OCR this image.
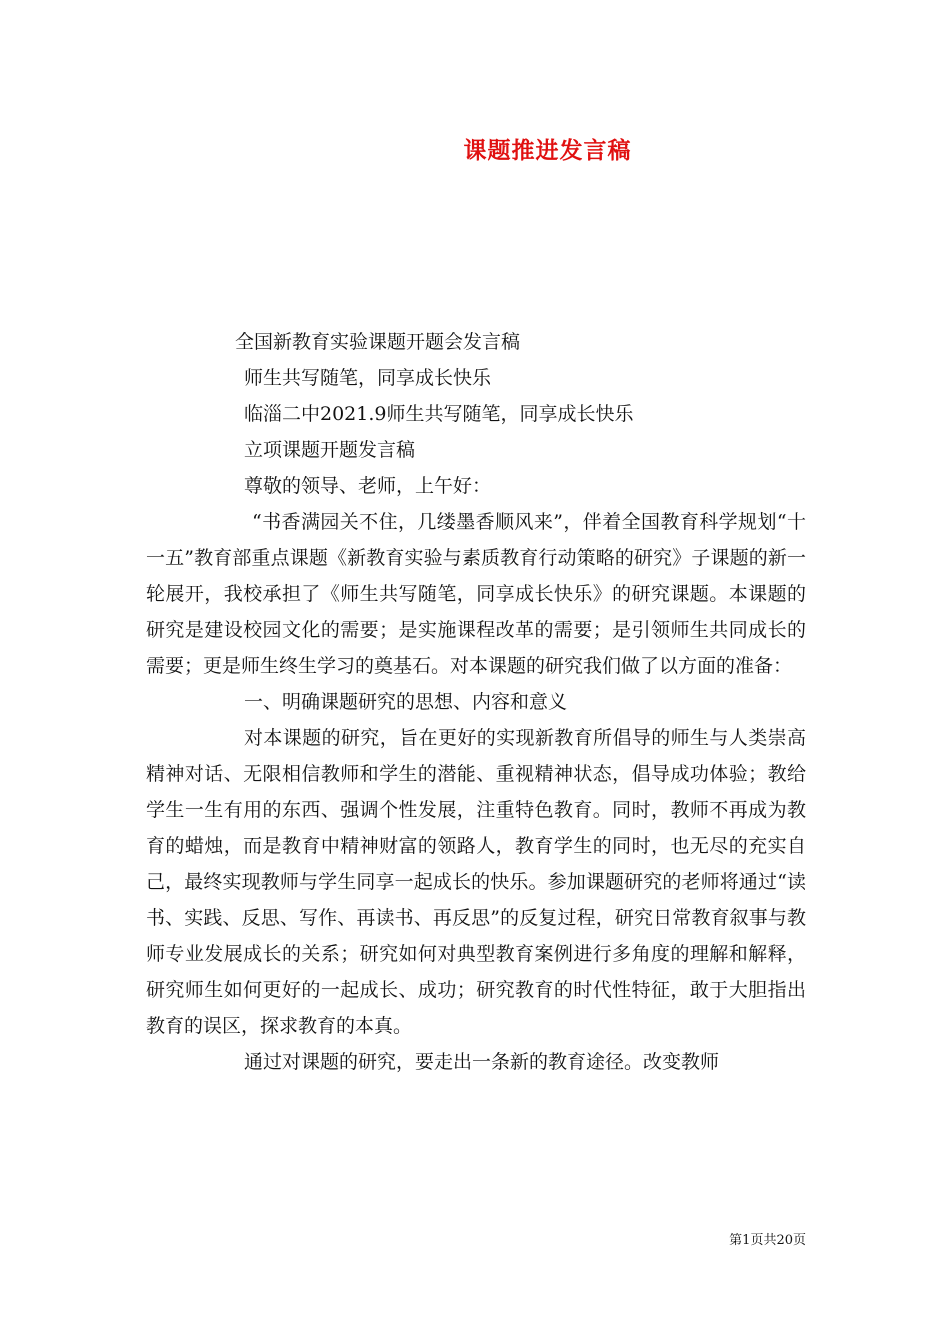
课题推进发言稿

全国新教育实验课题开题会发言稿

师生共写随笔，同享成长快乐

临淄二中2021.9师生共写随笔，同享成长快乐

立项课题开题发言稿

尊敬的领导、老师，上午好：

“书香满园关不住，几缕墨香顺风来”，伴着全国教育科学规划“十一五”教育部重点课题《新教育实验与素质教育行动策略的研究》子课题的新一轮展开，我校承担了《师生共写随笔，同享成长快乐》的研究课题。本课题的研究是建设校园文化的需要；是实施课程改革的需要；是引领师生共同成长的需要；更是师生终生学习的奠基石。对本课题的研究我们做了以方面的准备：

一、明确课题研究的思想、内容和意义

对本课题的研究，旨在更好的实现新教育所倡导的师生与人类崇高精神对话、无限相信教师和学生的潜能、重视精神状态，倡导成功体验；教给学生一生有用的东西、强调个性发展，注重特色教育。同时，教师不再成为教育的蜡烛，而是教育中精神财富的领路人，教育学生的同时，也无尽的充实自己，最终实现教师与学生同享一起成长的快乐。参加课题研究的老师将通过“读书、实践、反思、写作、再读书、再反思”的反复过程，研究日常教育叙事与教师专业发展成长的关系；研究如何对典型教育案例进行多角度的理解和解释，研究师生如何更好的一起成长、成功；研究教育的时代性特征，敢于大胆指出教育的误区，探求教育的本真。

通过对课题的研究，要走出一条新的教育途径。改变教师

第1页共20页
